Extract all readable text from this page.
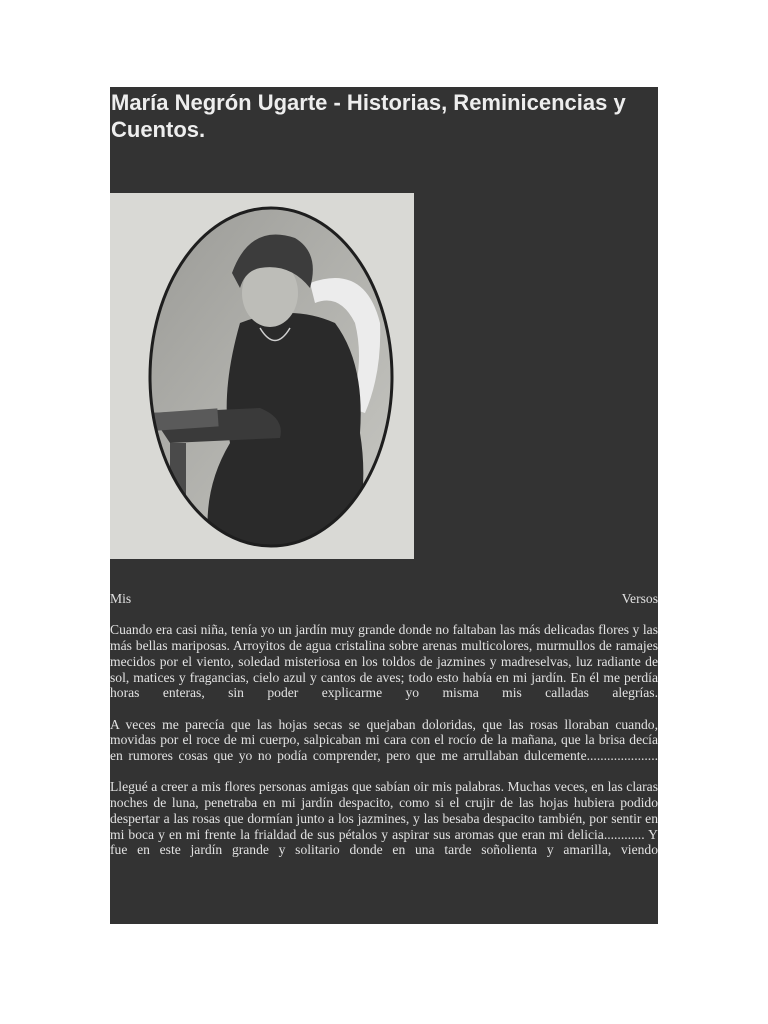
María Negrón Ugarte - Historias, Reminicencias y Cuentos.
Mis	Versos

Cuando era casi niña, tenía yo un jardín muy grande donde no faltaban las más delicadas flores y las más bellas mariposas. Arroyitos de agua cristalina sobre arenas multicolores, murmullos de ramajes mecidos por el viento, soledad misteriosa en los toldos de jazmines y madreselvas, luz radiante de sol, matices y fragancias, cielo azul y cantos de aves; todo esto había en mi jardín. En él me perdía horas enteras, sin poder explicarme yo misma mis calladas alegrías.

A veces me parecía que las hojas secas se quejaban doloridas, que las rosas lloraban cuando, movidas por el roce de mi cuerpo, salpicaban mi cara con el rocío de la mañana, que la brisa decía en rumores cosas que yo no podía comprender, pero que me arrullaban dulcemente.....................

Llegué a creer a mis flores personas amigas que sabían oir mis palabras. Muchas veces, en las claras noches de luna, penetraba en mi jardín despacito, como si el crujir de las hojas hubiera podido despertar a las rosas que dormían junto a los jazmines, y las besaba despacito también, por sentir en mi boca y en mi frente la frialdad de sus pétalos y aspirar sus aromas que eran mi delicia............ Y fue en este jardín grande y solitario donde en una tarde soñolienta y amarilla, viendo
